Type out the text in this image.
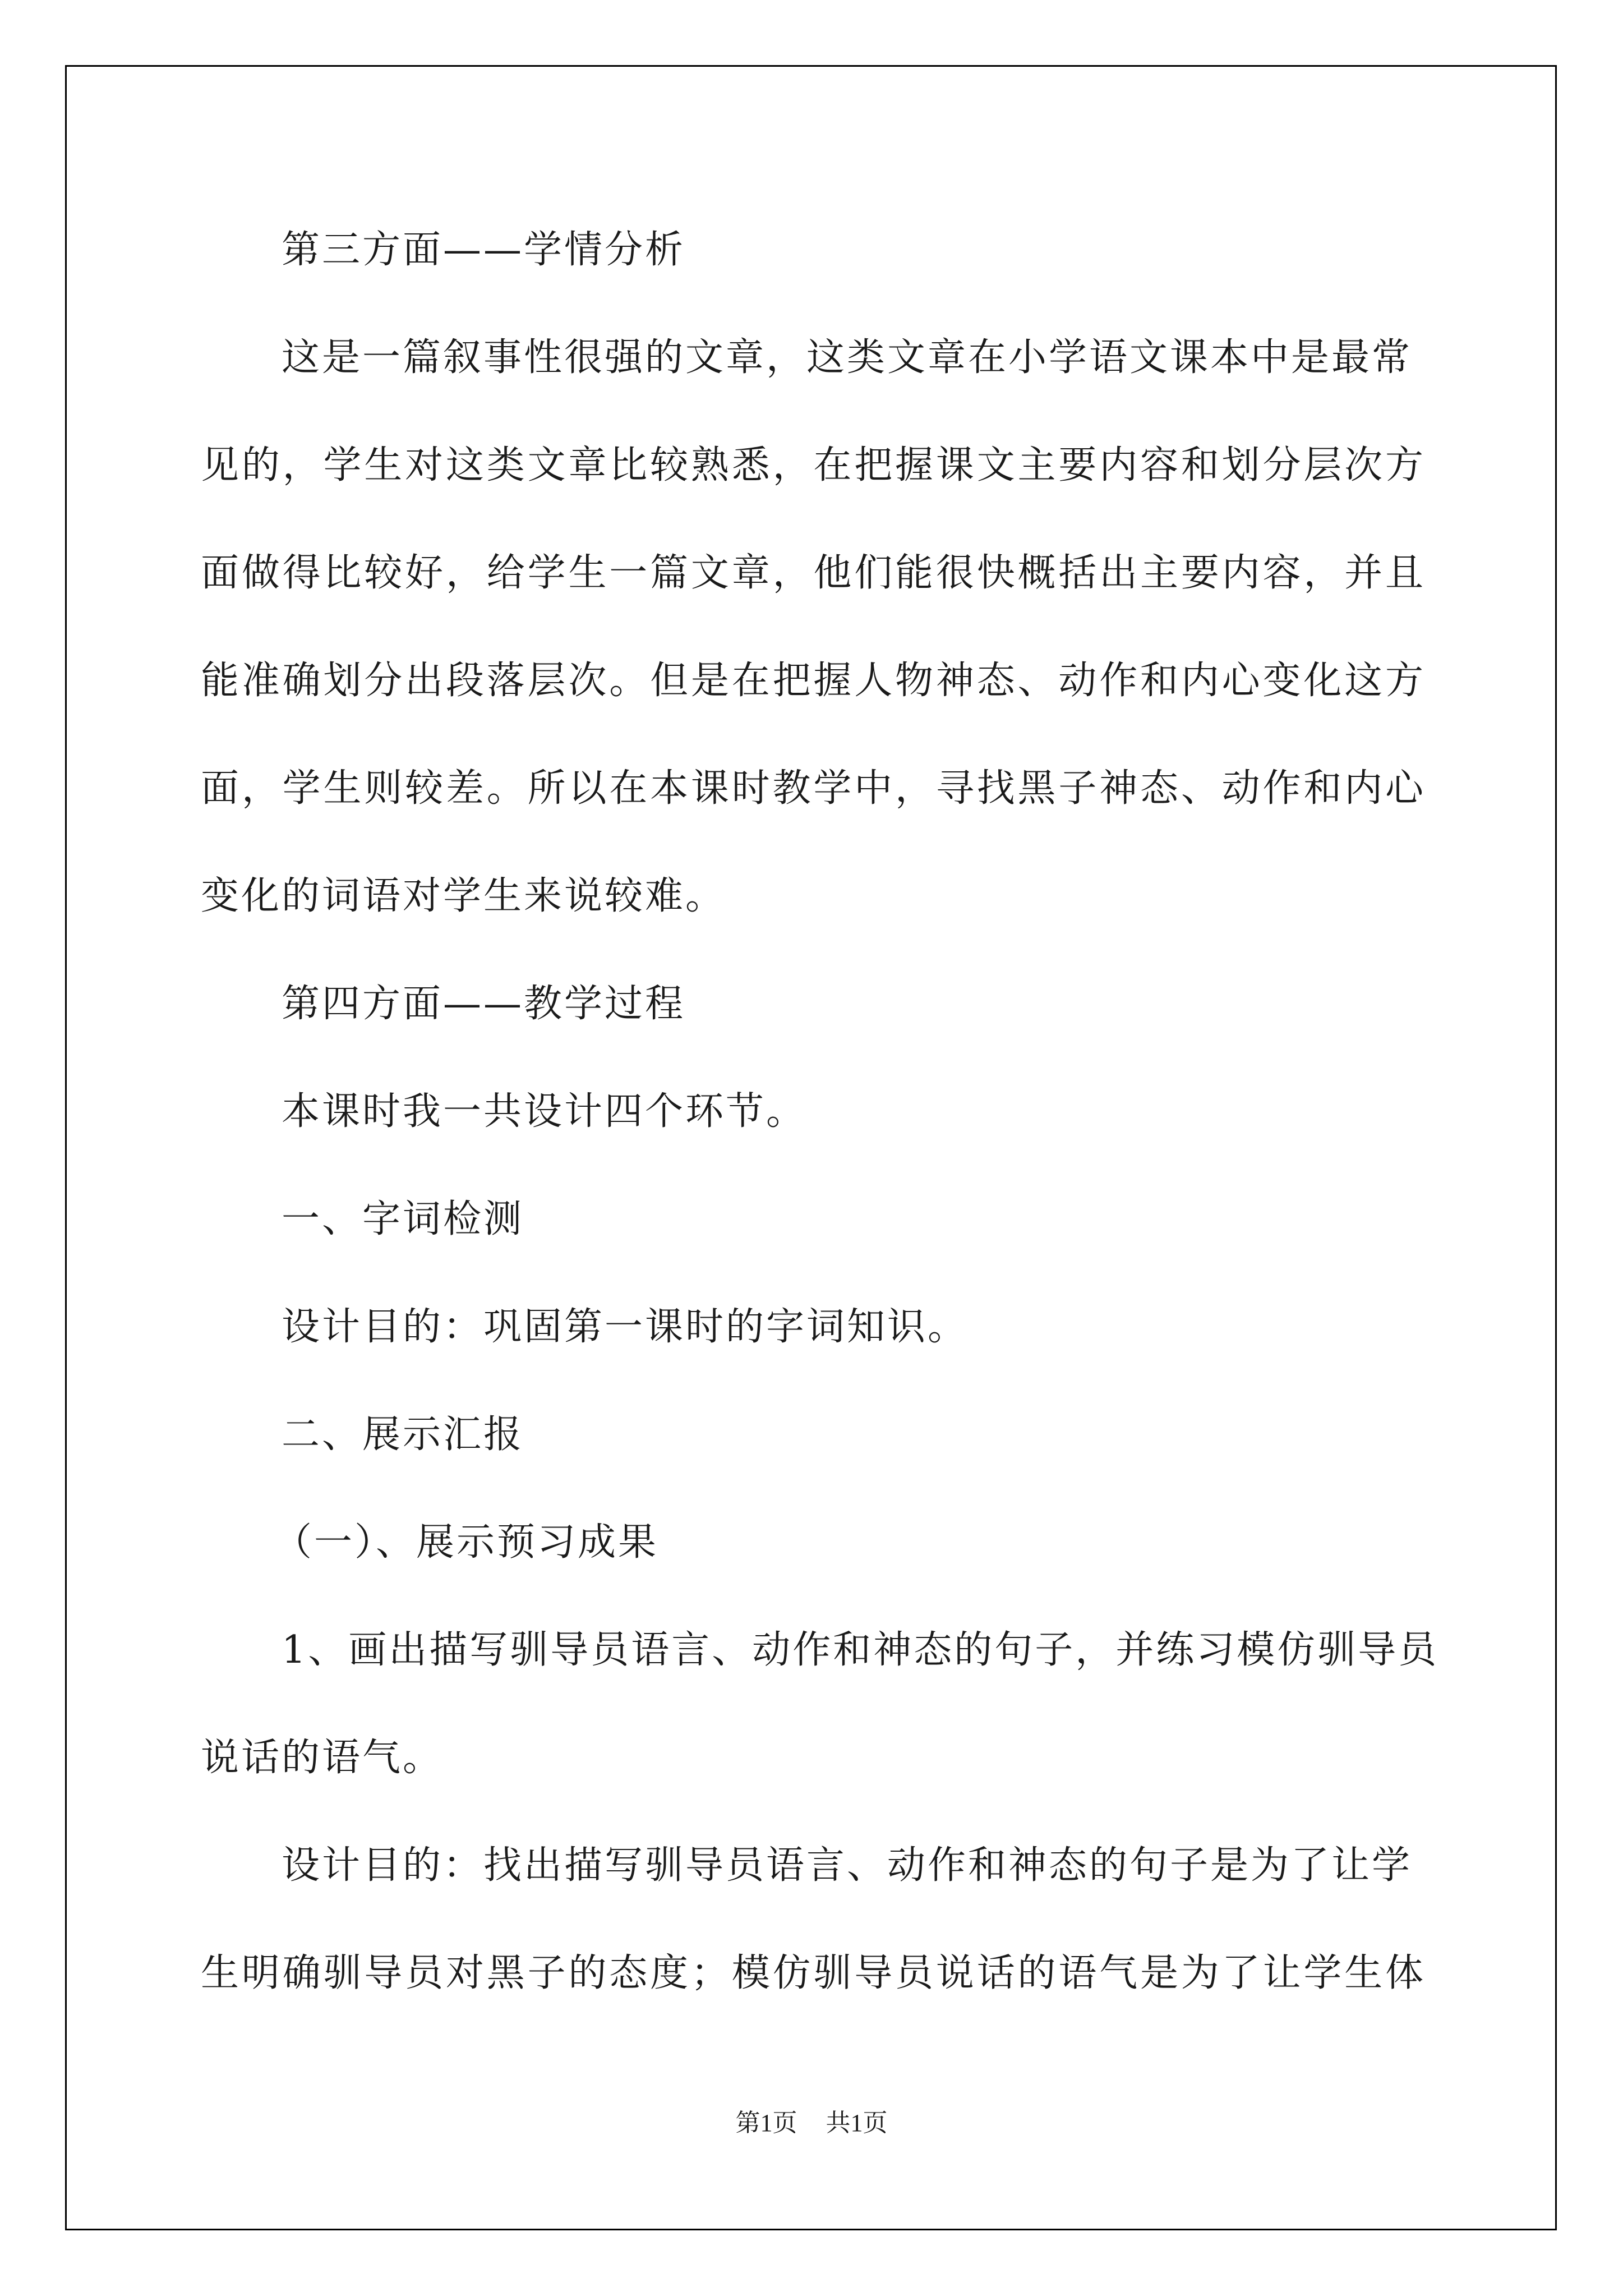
第三方面——学情分析
这是一篇叙事性很强的文章，这类文章在小学语文课本中是最常
见的，学生对这类文章比较熟悉，在把握课文主要内容和划分层次方
面做得比较好，给学生一篇文章，他们能很快概括出主要内容，并且
能准确划分出段落层次。但是在把握人物神态、动作和内心变化这方
面，学生则较差。所以在本课时教学中，寻找黑子神态、动作和内心
变化的词语对学生来说较难。
第四方面——教学过程
本课时我一共设计四个环节。
一、字词检测
设计目的：巩固第一课时的字词知识。
二、展示汇报
（一）、展示预习成果
1、画出描写驯导员语言、动作和神态的句子，并练习模仿驯导员
说话的语气。
设计目的：找出描写驯导员语言、动作和神态的句子是为了让学
生明确驯导员对黑子的态度；模仿驯导员说话的语气是为了让学生体
第1页 共1页
